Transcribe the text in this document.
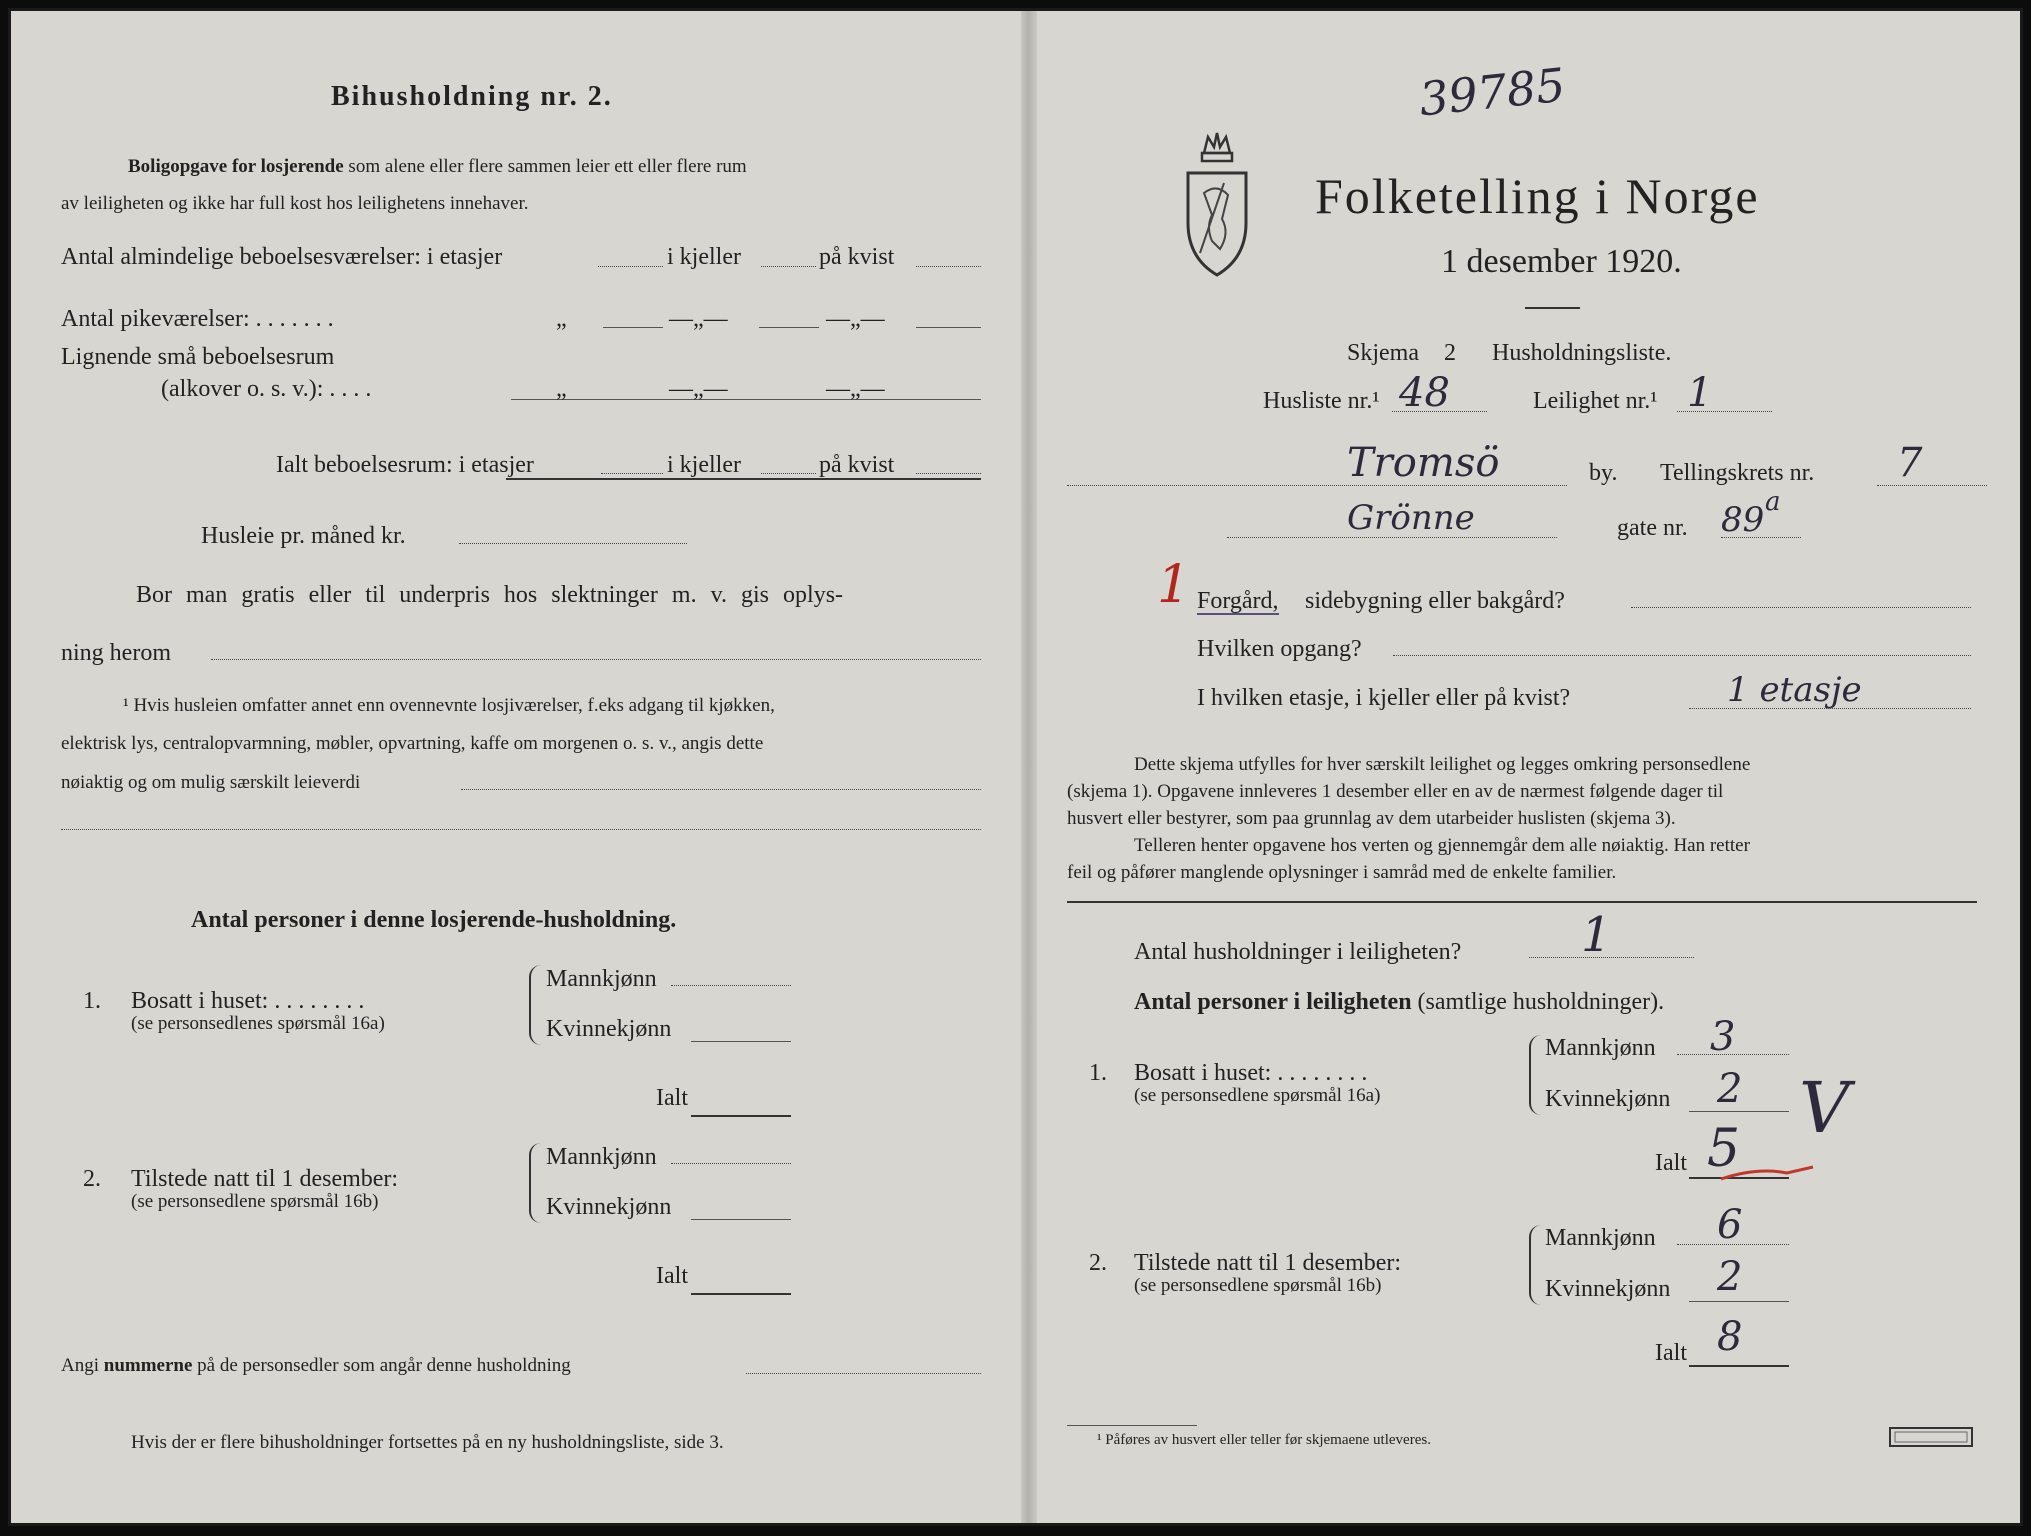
Bihusholdning nr. 2.
Boligopgave for losjerende som alene eller flere sammen leier ett eller flere rum
av leiligheten og ikke har full kost hos leilighetens innehaver.
Antal almindelige beboelsesværelser: i etasjer	i kjeller	på kvist
Antal pikeværelser: . . . . . . .	„	—„—	—„—
Lignende små beboelsesrum
(alkover o. s. v.): . . . .	„	—„—	—„—
Ialt beboelsesrum: i etasjer	i kjeller	på kvist
Husleie pr. måned kr.
Bor man gratis eller til underpris hos slektninger m. v. gis oplys-
ning herom
¹ Hvis husleien omfatter annet enn ovennevnte losjiværelser, f.eks adgang til kjøkken,
elektrisk lys, centralopvarmning, møbler, opvartning, kaffe om morgenen o. s. v., angis dette
nøiaktig og om mulig særskilt leieverdi
Antal personer i denne losjerende-husholdning.
1. Bosatt i huset: . . . . . . . .
(se personsedlenes spørsmål 16a)
Mannkjønn
Kvinnekjønn
Ialt
2. Tilstede natt til 1 desember:
(se personsedlene spørsmål 16b)
Mannkjønn
Kvinnekjønn
Ialt
Angi nummerne på de personsedler som angår denne husholdning
Hvis der er flere bihusholdninger fortsettes på en ny husholdningsliste, side 3.
39785
Folketelling i Norge
1 desember 1920.
Skjema 2 Husholdningsliste.
Husliste nr.¹ 48	Leilighet nr.¹ 1
Tromsö	by. Tellingskrets nr. 7
Grönne	gate nr. 89 a
1 Forgård, sidebygning eller bakgård?
Hvilken opgang?
I hvilken etasje, i kjeller eller på kvist?	1 etasje
Dette skjema utfylles for hver særskilt leilighet og legges omkring personsedlene
(skjema 1). Opgavene innleveres 1 desember eller en av de nærmest følgende dager til
husvert eller bestyrer, som paa grunnlag av dem utarbeider huslisten (skjema 3).
Telleren henter opgavene hos verten og gjennemgår dem alle nøiaktig. Han retter
feil og påfører manglende oplysninger i samråd med de enkelte familier.
Antal husholdninger i leiligheten? 1
Antal personer i leiligheten (samtlige husholdninger).
1. Bosatt i huset: . . . . . . . .
(se personsedlene spørsmål 16a)
Mannkjønn 3
Kvinnekjønn 2
Ialt 5 V
2. Tilstede natt til 1 desember:
(se personsedlene spørsmål 16b)
Mannkjønn 6
Kvinnekjønn 2
Ialt 8
¹ Påføres av husvert eller teller før skjemaene utleveres.
